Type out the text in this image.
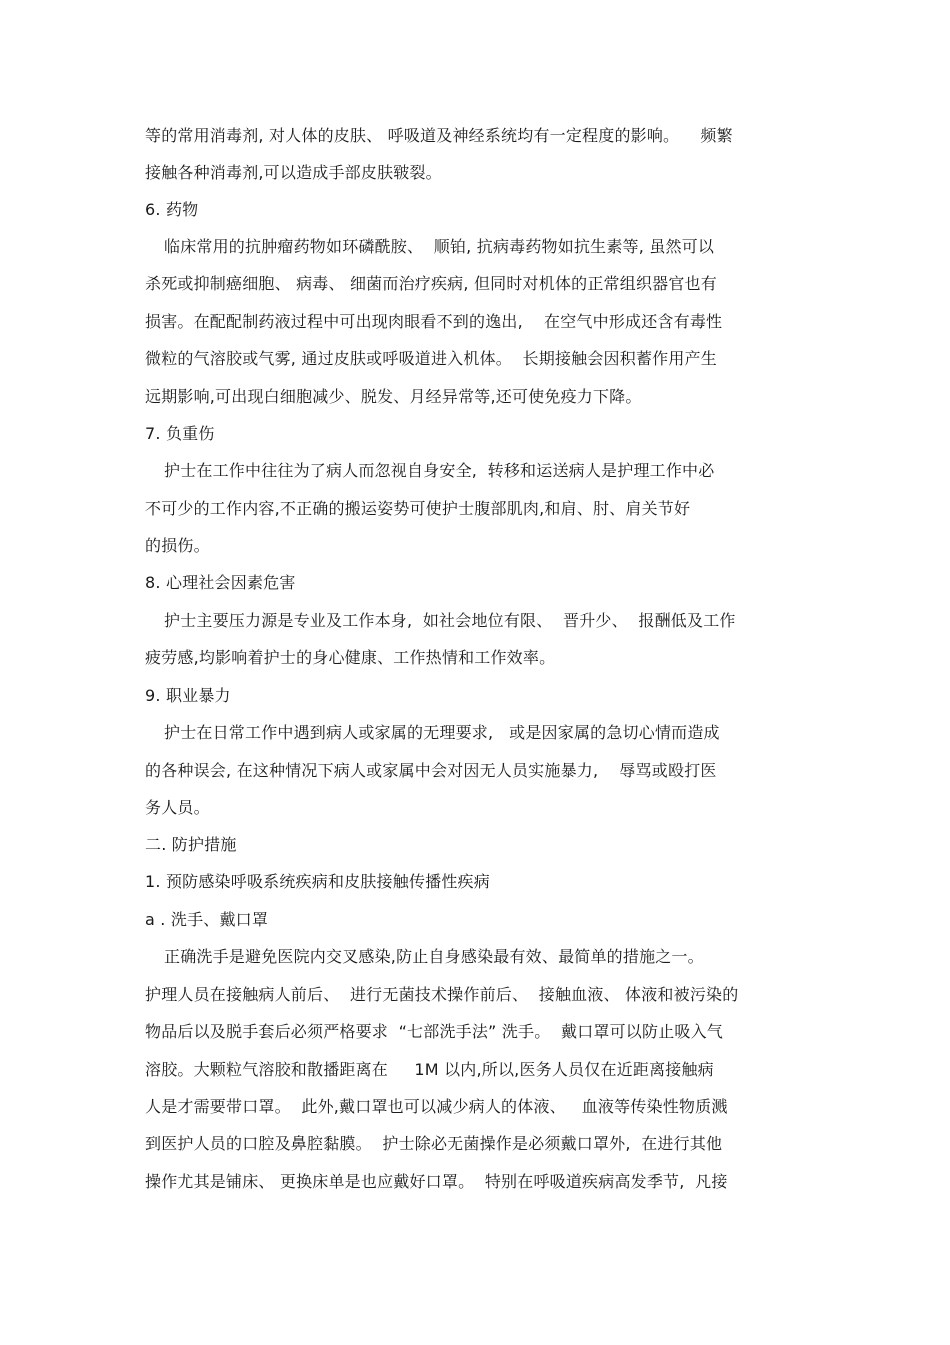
等的常用消毒剂, 对人体的皮肤、 呼吸道及神经系统均有一定程度的影响。    频繁
接触各种消毒剂,可以造成手部皮肤皲裂。
6. 药物
临床常用的抗肿瘤药物如环磷酰胺、  顺铂, 抗病毒药物如抗生素等, 虽然可以
杀死或抑制癌细胞、 病毒、 细菌而治疗疾病, 但同时对机体的正常组织器官也有
损害。在配配制药液过程中可出现肉眼看不到的逸出,    在空气中形成还含有毒性
微粒的气溶胶或气雾, 通过皮肤或呼吸道进入机体。  长期接触会因积蓄作用产生
远期影响,可出现白细胞减少、脱发、月经异常等,还可使免疫力下降。
7. 负重伤
护士在工作中往往为了病人而忽视自身安全,  转移和运送病人是护理工作中必
不可少的工作内容,不正确的搬运姿势可使护士腹部肌肉,和肩、肘、肩关节好
的损伤。
8. 心理社会因素危害
护士主要压力源是专业及工作本身,  如社会地位有限、  晋升少、  报酬低及工作
疲劳感,均影响着护士的身心健康、工作热情和工作效率。
9. 职业暴力
护士在日常工作中遇到病人或家属的无理要求,   或是因家属的急切心情而造成
的各种误会, 在这种情况下病人或家属中会对因无人员实施暴力,    辱骂或殴打医
务人员。
二. 防护措施
1. 预防感染呼吸系统疾病和皮肤接触传播性疾病
a . 洗手、戴口罩
正确洗手是避免医院内交叉感染,防止自身感染最有效、最简单的措施之一。
护理人员在接触病人前后、  进行无菌技术操作前后、  接触血液、 体液和被污染的
物品后以及脱手套后必须严格要求  “七部洗手法” 洗手。  戴口罩可以防止吸入气
溶胶。大颗粒气溶胶和散播距离在     1M 以内,所以,医务人员仅在近距离接触病
人是才需要带口罩。  此外,戴口罩也可以减少病人的体液、   血液等传染性物质溅
到医护人员的口腔及鼻腔黏膜。  护士除必无菌操作是必须戴口罩外,  在进行其他
操作尤其是铺床、 更换床单是也应戴好口罩。  特别在呼吸道疾病高发季节,  凡接
